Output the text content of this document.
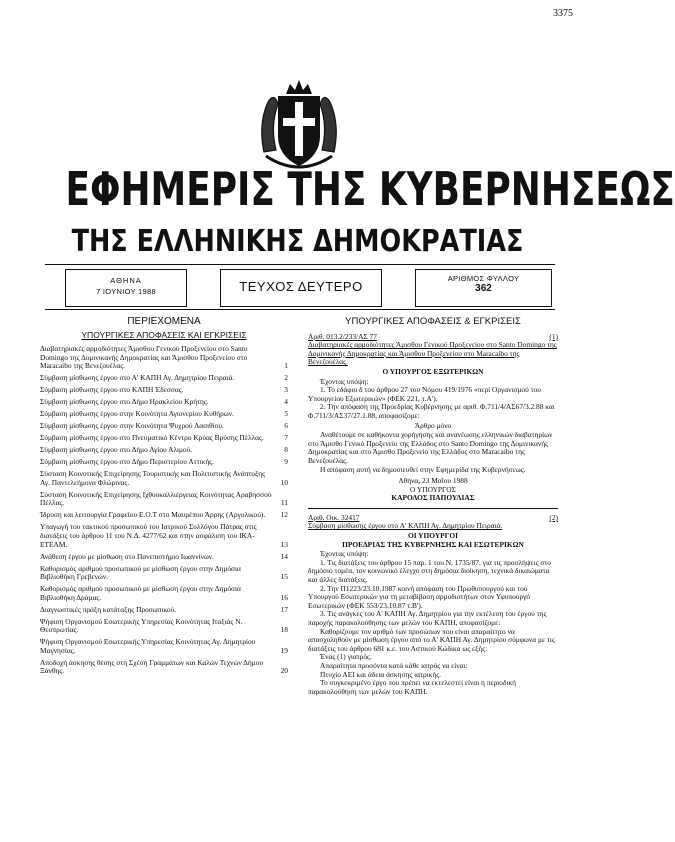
3375
ΕΦΗΜΕΡΙΣ ΤΗΣ ΚΥΒΕΡΝΗΣΕΩΣ
ΤΗΣ ΕΛΛΗΝΙΚΗΣ ΔΗΜΟΚΡΑΤΙΑΣ
ΑΘΗΝΑ
7 ΙΟΥΝΙΟΥ 1988	ΤΕΥΧΟΣ ΔΕΥΤΕΡΟ
ΑΡΙΘΜΟΣ ΦΥΛΛΟΥ
362
ΠΕΡΙΕΧΟΜΕΝΑ
ΥΠΟΥΡΓΙΚΕΣ ΑΠΟΦΑΣΕΙΣ ΚΑΙ ΕΓΚΡΙΣΕΙΣ
Διαβατηριακές αρμοδιότητες Άμισθου Γενικού Προξενείου στο Santo Domingo της Δομινικανής Δημοκρατίας και Άμισθου Προξενείου στο Maracaibo της Βενεζουέλας.	1
Σύμβαση μίσθωσης έργου στο Α' ΚΑΠΗ Αγ. Δημητρίου Πειραιά.	2
Σύμβαση μίσθωσης έργου στο ΚΑΠΗ Έδεσσας.	3
Σύμβαση μίσθωσης έργου στο Δήμο Ηρακλείου Κρήτης.	4
Σύμβαση μίσθωσης έργου στην Κοινότητα Αγιονερίου Κυθήρων.	5
Σύμβαση μίσθωσης έργου στην Κοινότητα Ψυχρού Λασιθίου.	6
Σύμβαση μίσθωσης έργου στο Πνευματικό Κέντρο Κρύας Βρύσης Πέλλας.	7
Σύμβαση μίσθωσης έργου στο Δήμο Αγίου Αλιμού.	8
Σύμβαση μίσθωσης έργου στο Δήμο Περιστερίου Αττικής.	9
Σύσταση Κοινοτικής Επιχείρησης Τουριστικής και Πολιτιστικής Ανάπτυξης Αγ. Παντελεήμονα Φλώρινας.	10
Σύσταση Κοινοτικής Επιχείρησης Ιχθυοκαλλιέργειας Κοινότητας Αραβησσού Πέλλας.	11
Ίδρυση και λειτουργία Γραφείου Ε.Ο.Τ στο Μαυρέπου Άρρης (Αργολικού).	12
Υπαγωγή του τακτικού προσωπικού του Ιατρικού Συλλόγου Πάτρας στις διατάξεις του άρθρου 11 του Ν.Δ. 4277/62 και στην ασφάλιση του ΙΚΑ-ΕΤΕΑΜ.	13
Ανάθεση έργου με μίσθωση στο Πανεπιστήμιο Ιωαννίνων.	14
Καθορισμός αριθμού προσωπικού με μίσθωση έργου στην Δημόσια Βιβλιοθήκη Γρεβενών.	15
Καθορισμός αριθμού προσωπικού με μίσθωση έργου στην Δημόσια Βιβλιοθήκη Δράμας.	16
Διαγνωστικές πράξη κατάταξης Προσωπικού.	17
Ψήφιση Οργανισμού Εσωτερικής Υπηρεσίας Κοινότητας Ιταξιάς Ν. Θεσπρωτίας.	18
Ψήφιση Οργανισμού Εσωτερικής Υπηρεσίας Κοινότητας Αγ. Δημητρίου Μαγνησίας.	19
Αποδοχή άσκησης θέσης στη Σχέση Γραμμάτων και Καλών Τεχνών Δήμου Ξάνθης.	20
ΥΠΟΥΡΓΙΚΕΣ ΑΠΟΦΑΣΕΙΣ & ΕΓΚΡΙΣΕΙΣ
Αριθ. 013.2/233/ΑΣ 77	(1)

Διαβατηριακές αρμοδιότητες Άμισθου Γενικού Προξενείου στο Santo Domingo της Δομινικανής Δημοκρατίας και Άμισθου Προξενείου στο Maracaibo της Βενεζουέλας.

Ο ΥΠΟΥΡΓΟΣ ΕΞΩΤΕΡΙΚΩΝ

Έχοντας υπόψη:

1. Το εδάφιο δ του άρθρου 27 του Νόμου 419/1976 «περί Οργανισμού του Υπουργείου Εξωτερικών» (ΦΕΚ 221, τ.Α').

2. Την απόφαση της Προεδρίας Κυβέρνησης με αριθ. Φ.711/4/ΑΣ67/3.2.88 και Φ.711/3/ΑΣ37/27.1.88, αποφασίζομε:

Άρθρο μόνο

Αναθέτουμε σε καθήκοντα χορήγησης και ανανέωσης ελληνικών διαβατηρίων στο Άμισθο Γενικό Προξενείο της Ελλάδος στο Santo Domingo της Δομινικανής Δημοκρατίας και στο Άμισθο Προξενείο της Ελλάδος στο Maracaibo της Βενεζουέλας.

Η απόφαση αυτή να δημοσιευθεί στην Εφημερίδα της Κυβερνήσεως.

Αθήνα, 23 Μαΐου 1988

Ο ΥΠΟΥΡΓΟΣ

ΚΑΡΟΛΟΣ ΠΑΠΟΥΛΙΑΣ

Αριθ. Οικ. 32417	(2)

Σύμβαση μίσθωσης έργου στο Α' ΚΑΠΗ Αγ. Δημητρίου Πειραιά.

ΟΙ ΥΠΟΥΡΓΟΙ

ΠΡΟΕΔΡΙΑΣ ΤΗΣ ΚΥΒΕΡΝΗΣΗΣ ΚΑΙ ΕΣΩΤΕΡΙΚΩΝ

Έχοντας υπόψη:

1. Τις διατάξεις του άρθρου 15 παρ. 1 του Ν. 1735/87, για τις προσλήψεις στο δημόσιο τομέα, τον κοινωνικό έλεγχο στη δημόσια διοίκηση, τεχνικά δικαιώματα και άλλες διατάξεις.

2. Την Π1223/23.10.1987 κοινή απόφαση του Πρωθυπουργού και του Υπουργού Εσωτερικών για τη μεταβίβαση αρμοδιοτήτων στον Υφυπουργό Εσωτερικών (ΦΕΚ 553/23.10.87 τ.Β').

3. Τις ανάγκες του Α' ΚΑΠΗ Αγ. Δημητρίου για την εκτέλεση του έργου της παροχής παρακολούθησης των μελών του ΚΑΠΗ, αποφασίζομε:

Καθορίζουμε τον αριθμό των προσώπων που είναι απαραίτητο να απασχοληθούν με μίσθωση έργου από το Α' ΚΑΠΗ Αγ. Δημητρίου σύμφωνα με τις διατάξεις του άρθρου 681 κ.ε. του Αστικού Κώδικα ως εξής:

Ένας (1) γιατρός.

Απαραίτητα προσόντα κατά κάθε ιατρός να είναι:

Πτυχίο ΑΕΙ και άδεια άσκησης ιατρικής.

Το συγκεκριμένο έργο που πρέπει να εκτελεστεί είναι η περιοδική παρακολούθηση των μελών του ΚΑΠΗ.
